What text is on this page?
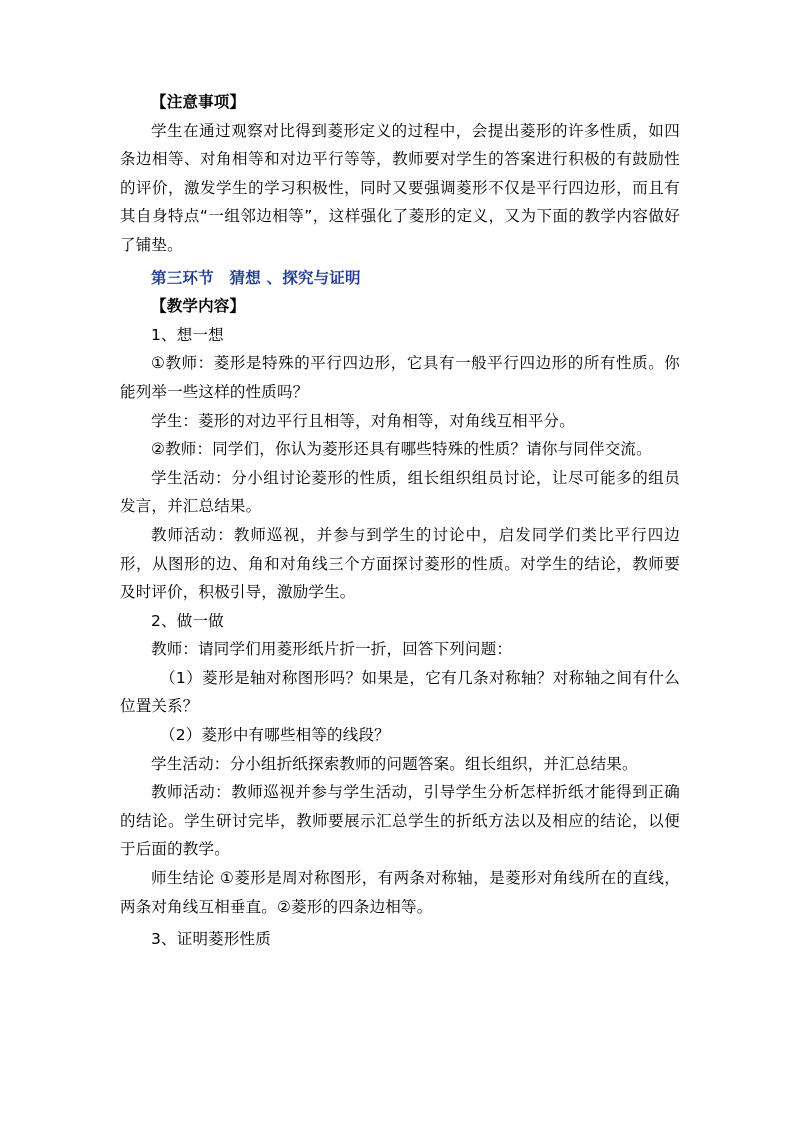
【注意事项】

学生在通过观察对比得到菱形定义的过程中，会提出菱形的许多性质，如四条边相等、对角相等和对边平行等等，教师要对学生的答案进行积极的有鼓励性的评价，激发学生的学习积极性，同时又要强调菱形不仅是平行四边形，而且有其自身特点“一组邻边相等”，这样强化了菱形的定义，又为下面的教学内容做好了铺垫。

第三环节　猜想 、探究与证明

【教学内容】

1、想一想

①教师：菱形是特殊的平行四边形，它具有一般平行四边形的所有性质。你能列举一些这样的性质吗？

学生：菱形的对边平行且相等，对角相等，对角线互相平分。

②教师：同学们，你认为菱形还具有哪些特殊的性质？请你与同伴交流。

学生活动：分小组讨论菱形的性质，组长组织组员讨论，让尽可能多的组员发言，并汇总结果。

教师活动：教师巡视，并参与到学生的讨论中，启发同学们类比平行四边形，从图形的边、角和对角线三个方面探讨菱形的性质。对学生的结论，教师要及时评价，积极引导，激励学生。

2、做一做

教师：请同学们用菱形纸片折一折，回答下列问题：

（1）菱形是轴对称图形吗？如果是，它有几条对称轴？对称轴之间有什么位置关系？

（2）菱形中有哪些相等的线段？

学生活动：分小组折纸探索教师的问题答案。组长组织，并汇总结果。

教师活动：教师巡视并参与学生活动，引导学生分析怎样折纸才能得到正确的结论。学生研讨完毕，教师要展示汇总学生的折纸方法以及相应的结论，以便于后面的教学。

师生结论 ①菱形是周对称图形，有两条对称轴，是菱形对角线所在的直线，两条对角线互相垂直。②菱形的四条边相等。

3、证明菱形性质
